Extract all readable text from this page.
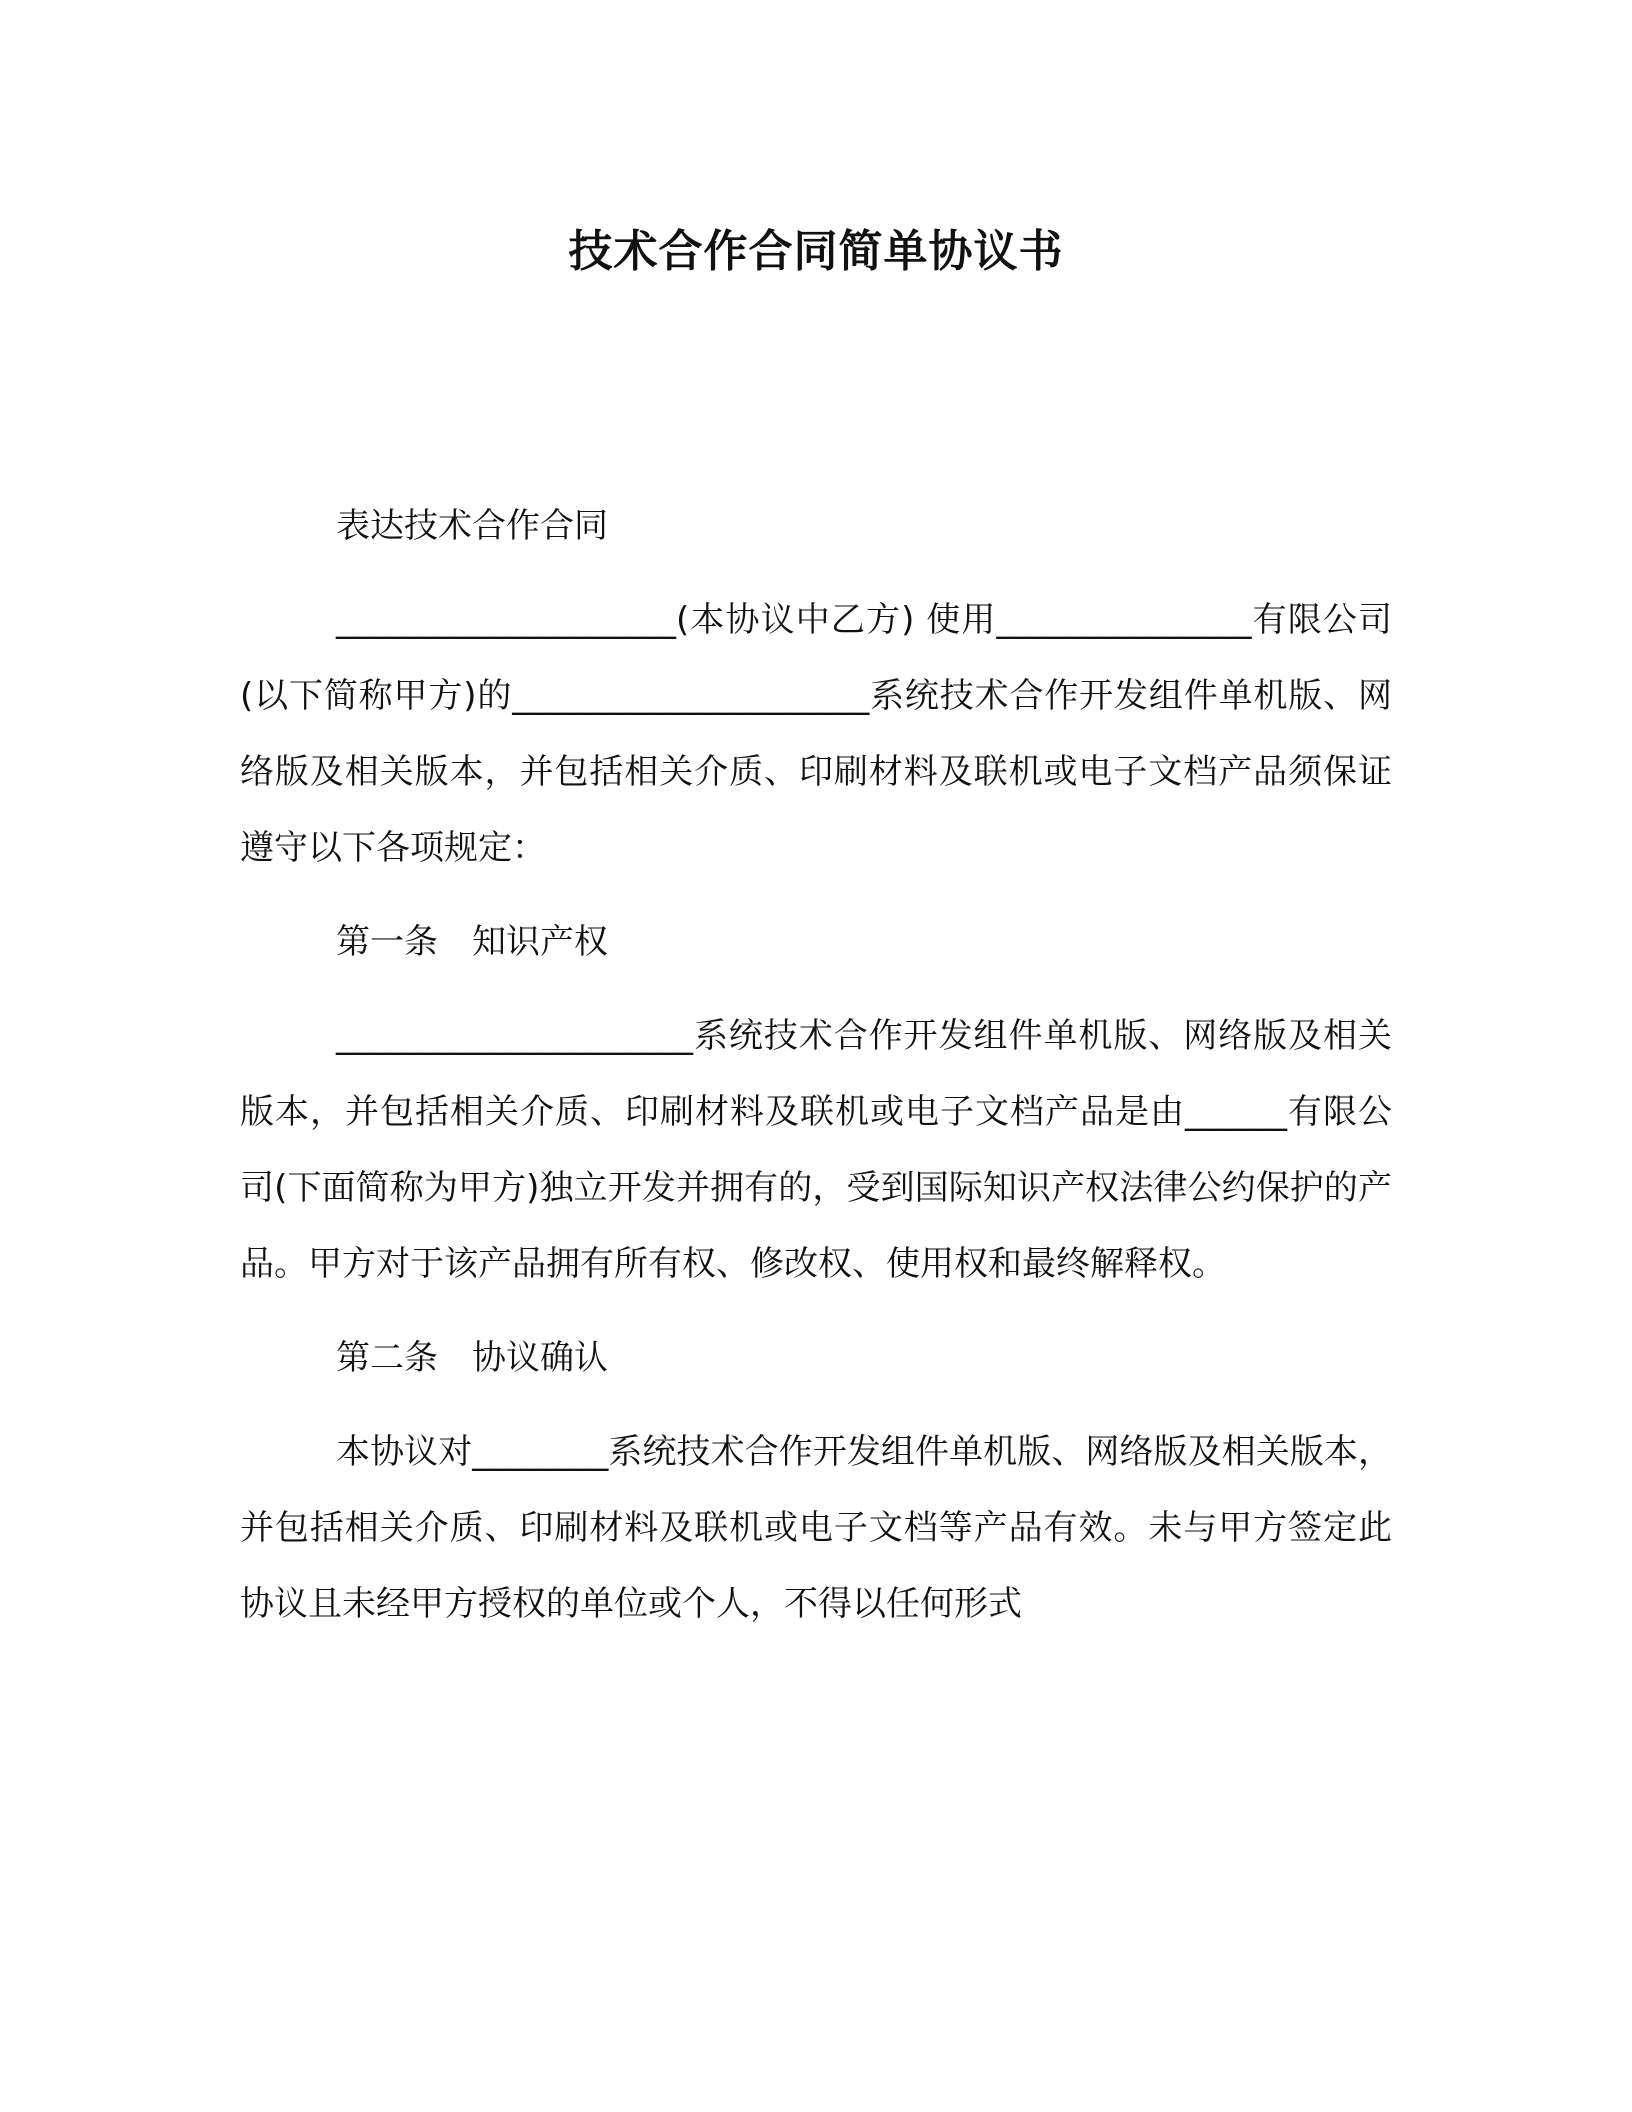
技术合作合同简单协议书

表达技术合作合同

____________________(本协议中乙方) 使用_______________有限公司(以下简称甲方)的_____________________系统技术合作开发组件单机版、网络版及相关版本，并包括相关介质、印刷材料及联机或电子文档产品须保证遵守以下各项规定：

第一条　知识产权

_____________________系统技术合作开发组件单机版、网络版及相关版本，并包括相关介质、印刷材料及联机或电子文档产品是由______有限公司(下面简称为甲方)独立开发并拥有的，受到国际知识产权法律公约保护的产品。甲方对于该产品拥有所有权、修改权、使用权和最终解释权。

第二条　协议确认

本协议对________系统技术合作开发组件单机版、网络版及相关版本，并包括相关介质、印刷材料及联机或电子文档等产品有效。未与甲方签定此协议且未经甲方授权的单位或个人，不得以任何形式
